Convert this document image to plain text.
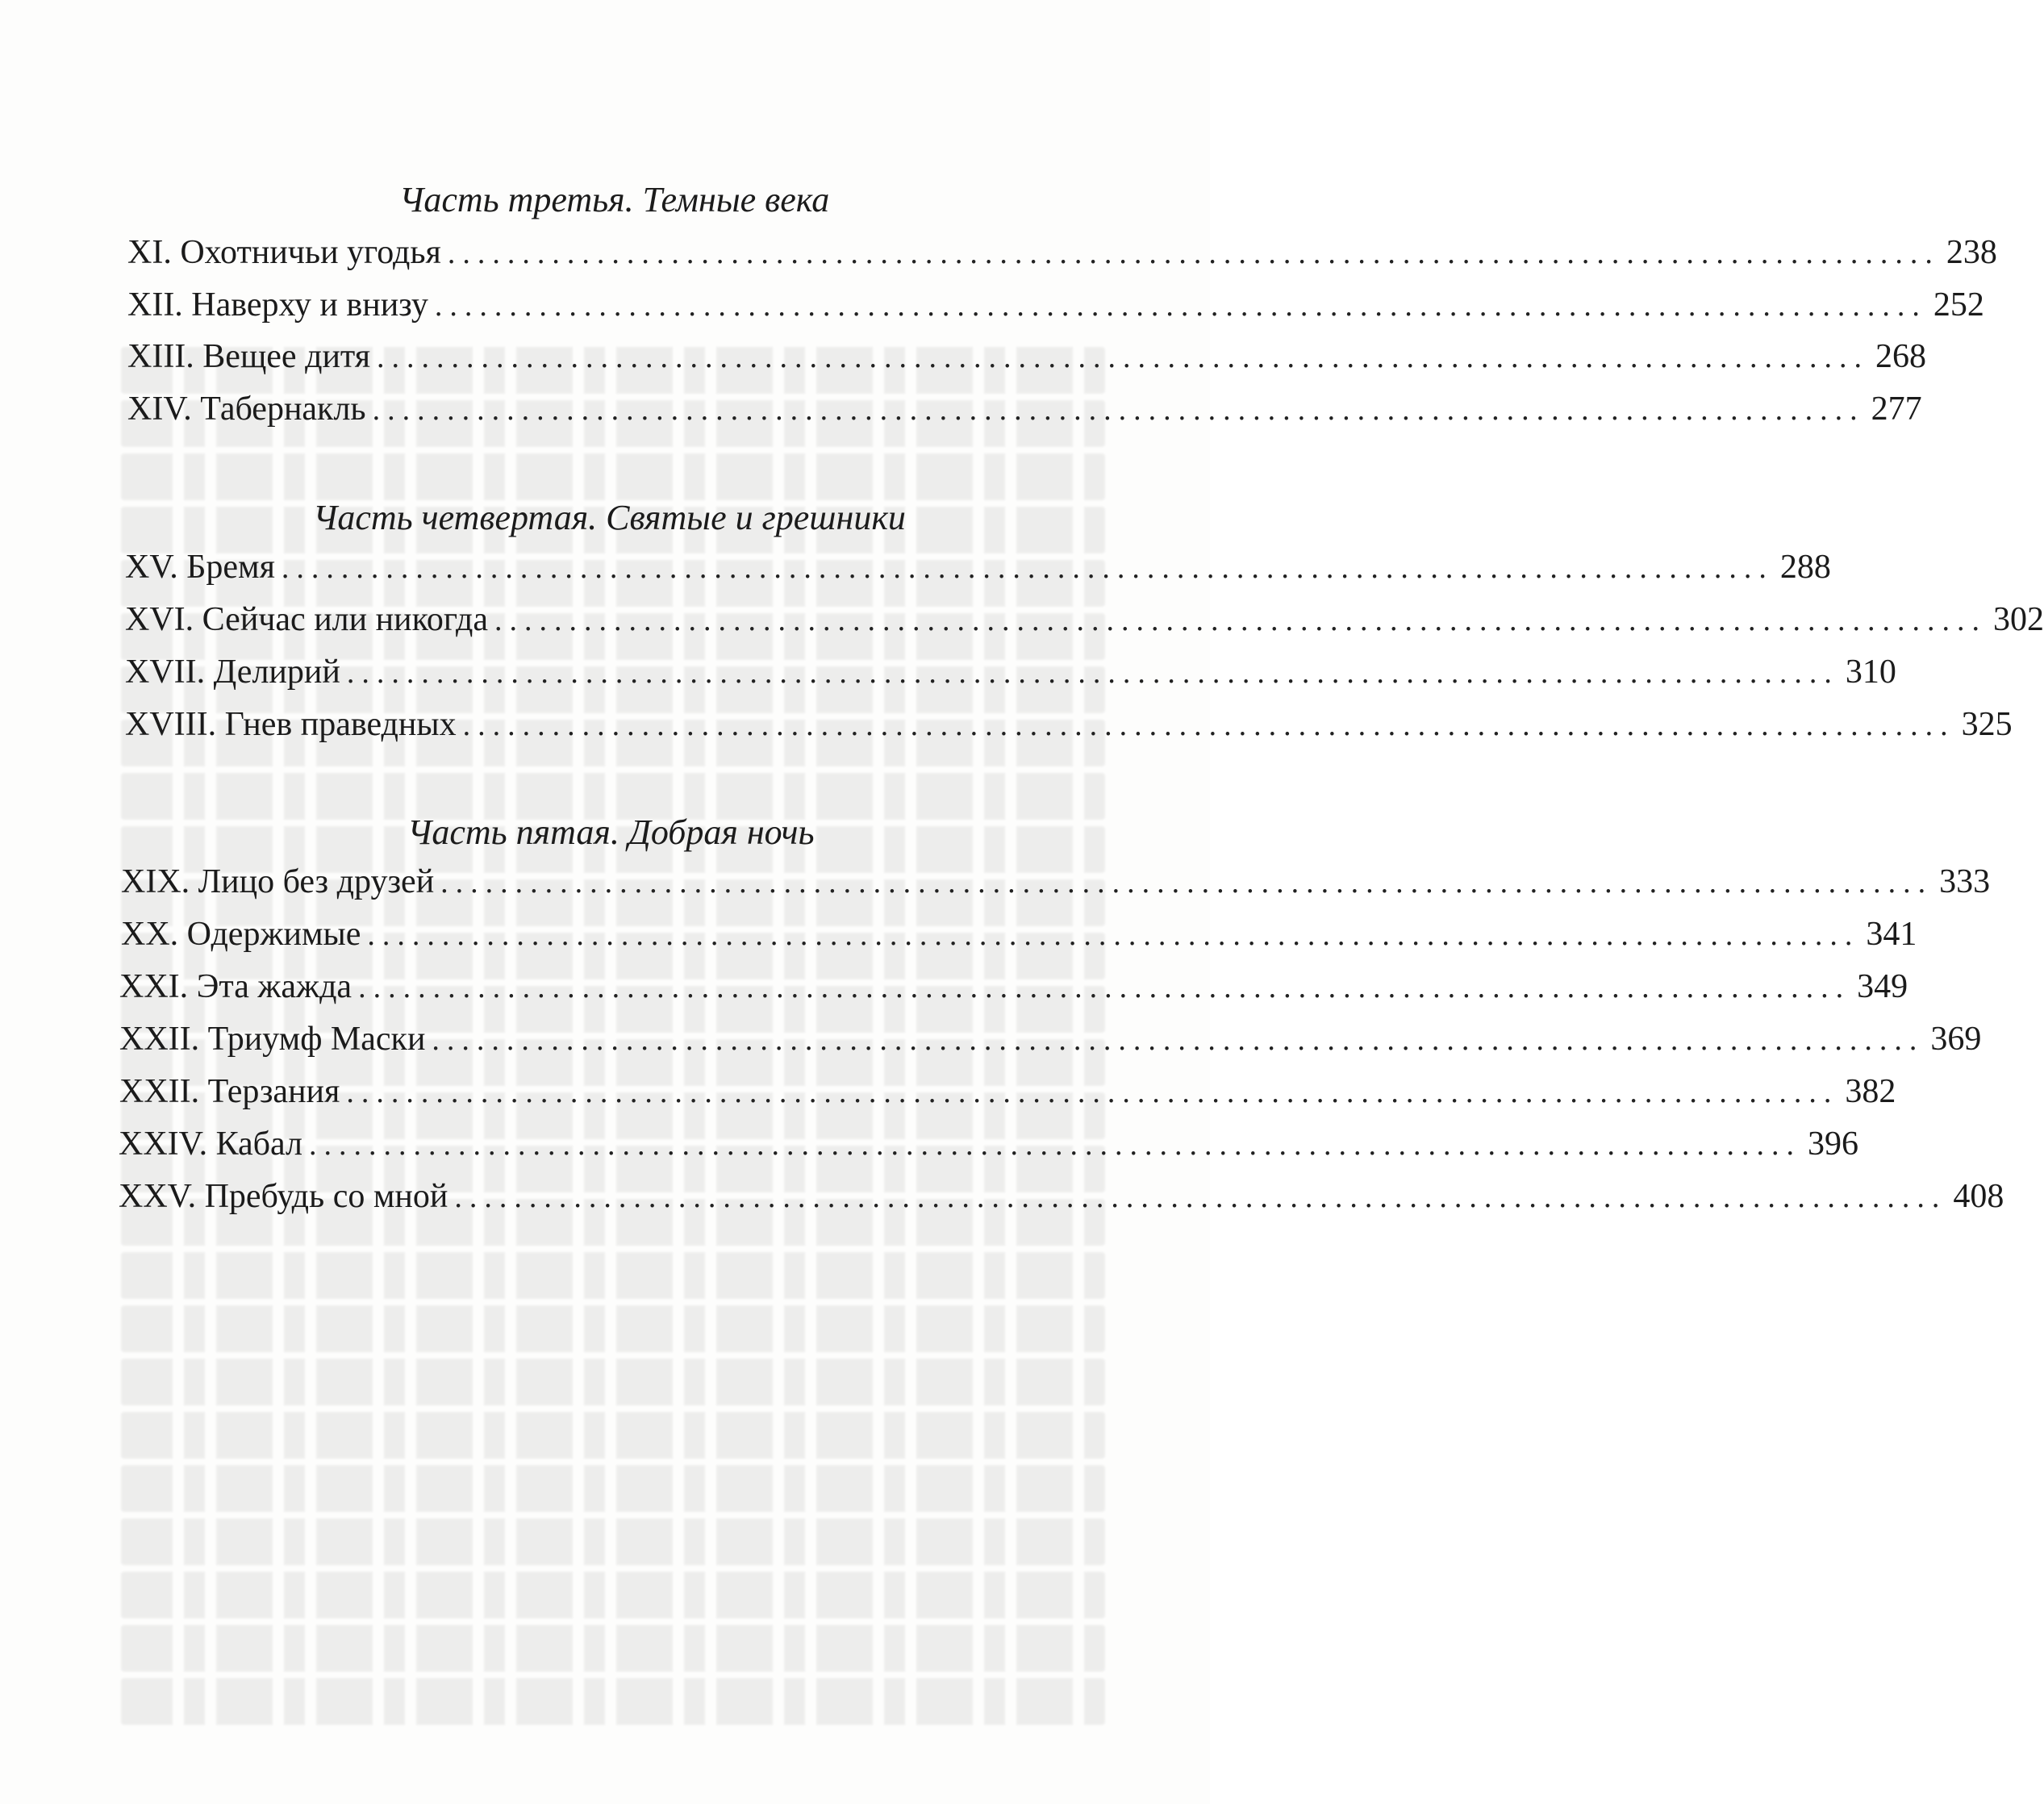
Часть третья. Темные века
XI. Охотничьи угодья .................................................................................................... 238
XII. Наверху и внизу .................................................................................................... 252
XIII. Вещее дитя .................................................................................................... 268
XIV. Табернакль .................................................................................................... 277
Часть четвертая. Святые и грешники
XV. Бремя .................................................................................................... 288
XVI. Сейчас или никогда .................................................................................................... 302
XVII. Делирий .................................................................................................... 310
XVIII. Гнев праведных .................................................................................................... 325
Часть пятая. Добрая ночь
XIX. Лицо без друзей .................................................................................................... 333
XX. Одержимые .................................................................................................... 341
XXI. Эта жажда .................................................................................................... 349
XXII. Триумф Маски .................................................................................................... 369
XXII. Терзания .................................................................................................... 382
XXIV. Кабал .................................................................................................... 396
XXV. Пребудь со мной .................................................................................................... 408
